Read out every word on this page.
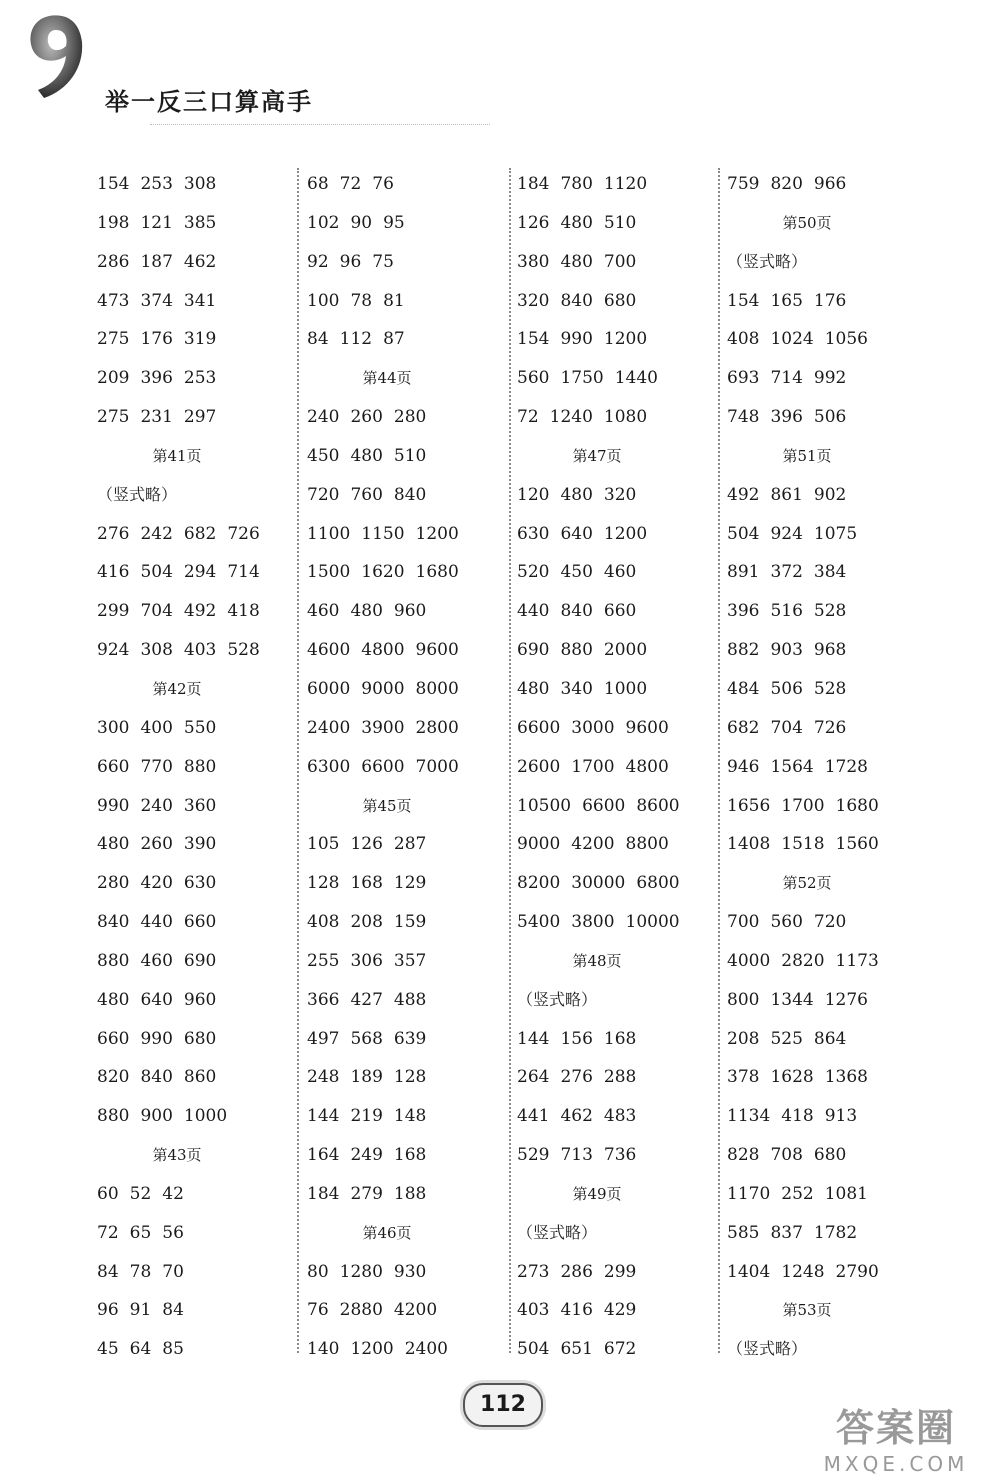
举一反三口算高手
154 253 308
198 121 385
286 187 462
473 374 341
275 176 319
209 396 253
275 231 297
第41页
（竖式略）
276 242 682 726
416 504 294 714
299 704 492 418
924 308 403 528
第42页
300 400 550
660 770 880
990 240 360
480 260 390
280 420 630
840 440 660
880 460 690
480 640 960
660 990 680
820 840 860
880 900 1000
第43页
60 52 42
72 65 56
84 78 70
96 91 84
45 64 85
68 72 76
102 90 95
92 96 75
100 78 81
84 112 87
第44页
240 260 280
450 480 510
720 760 840
1100 1150 1200
1500 1620 1680
460 480 960
4600 4800 9600
6000 9000 8000
2400 3900 2800
6300 6600 7000
第45页
105 126 287
128 168 129
408 208 159
255 306 357
366 427 488
497 568 639
248 189 128
144 219 148
164 249 168
184 279 188
第46页
80 1280 930
76 2880 4200
140 1200 2400
184 780 1120
126 480 510
380 480 700
320 840 680
154 990 1200
560 1750 1440
72 1240 1080
第47页
120 480 320
630 640 1200
520 450 460
440 840 660
690 880 2000
480 340 1000
6600 3000 9600
2600 1700 4800
10500 6600 8600
9000 4200 8800
8200 30000 6800
5400 3800 10000
第48页
（竖式略）
144 156 168
264 276 288
441 462 483
529 713 736
第49页
（竖式略）
273 286 299
403 416 429
504 651 672
759 820 966
第50页
（竖式略）
154 165 176
408 1024 1056
693 714 992
748 396 506
第51页
492 861 902
504 924 1075
891 372 384
396 516 528
882 903 968
484 506 528
682 704 726
946 1564 1728
1656 1700 1680
1408 1518 1560
第52页
700 560 720
4000 2820 1173
800 1344 1276
208 525 864
378 1628 1368
1134 418 913
828 708 680
1170 252 1081
585 837 1782
1404 1248 2790
第53页
（竖式略）
112
答案圈
MXQE.COM
